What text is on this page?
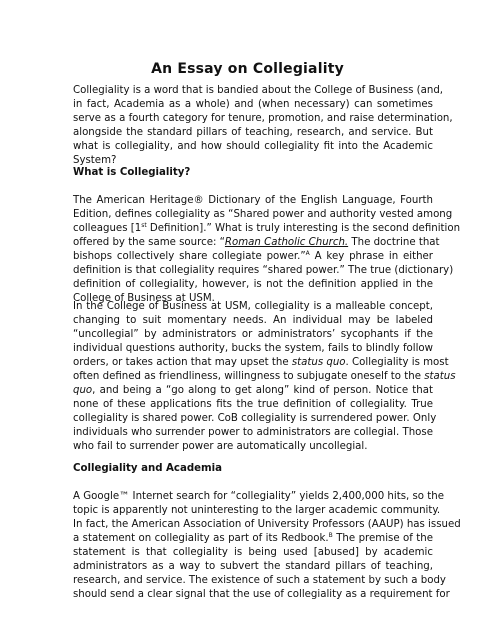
An Essay on Collegiality
Collegiality is a word that is bandied about the College of Business (and,
in fact, Academia as a whole) and (when necessary) can sometimes
serve as a fourth category for tenure, promotion, and raise determination,
alongside the standard pillars of teaching, research, and service. But
what is collegiality, and how should collegiality fit into the Academic
System?
What is Collegiality?
The American Heritage® Dictionary of the English Language, Fourth
Edition, defines collegiality as “Shared power and authority vested among
colleagues [1st Definition].” What is truly interesting is the second definition
offered by the same source: “Roman Catholic Church. The doctrine that
bishops collectively share collegiate power.”$^A$ A key phrase in either
definition is that collegiality requires “shared power.” The true (dictionary)
definition of collegiality, however, is not the definition applied in the
College of Business at USM.
In the College of Business at USM, collegiality is a malleable concept,
changing to suit momentary needs. An individual may be labeled
“uncollegial” by administrators or administrators’ sycophants if the
individual questions authority, bucks the system, fails to blindly follow
orders, or takes action that may upset the status quo. Collegiality is most
often defined as friendliness, willingness to subjugate oneself to the status
quo, and being a “go along to get along” kind of person. Notice that
none of these applications fits the true definition of collegiality. True
collegiality is shared power. CoB collegiality is surrendered power. Only
individuals who surrender power to administrators are collegial. Those
who fail to surrender power are automatically uncollegial.
Collegiality and Academia
A Google™ Internet search for “collegiality” yields 2,400,000 hits, so the
topic is apparently not uninteresting to the larger academic community.
In fact, the American Association of University Professors (AAUP) has issued
a statement on collegiality as part of its Redbook.$^B$ The premise of the
statement is that collegiality is being used [abused] by academic
administrators as a way to subvert the standard pillars of teaching,
research, and service. The existence of such a statement by such a body
should send a clear signal that the use of collegiality as a requirement for
